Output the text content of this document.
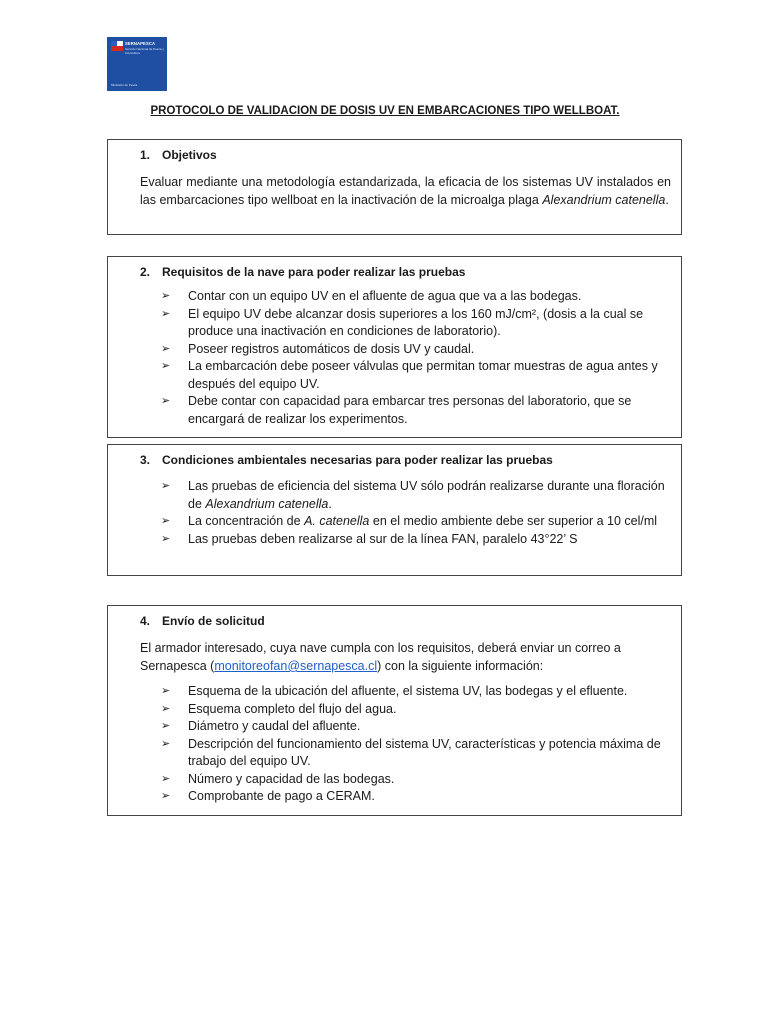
SERNAPESCA
Servicio Nacional de Pesca y Acuicultura
Ministerio de Pesca
PROTOCOLO DE VALIDACION DE DOSIS UV EN EMBARCACIONES TIPO WELLBOAT.
1. Objetivos
Evaluar mediante una metodología estandarizada, la eficacia de los sistemas UV instalados en las embarcaciones tipo wellboat en la inactivación de la microalga plaga Alexandrium catenella.
2. Requisitos de la nave para poder realizar las pruebas
➢ Contar con un equipo UV en el afluente de agua que va a las bodegas.
➢ El equipo UV debe alcanzar dosis superiores a los 160 mJ/cm², (dosis a la cual se produce una inactivación en condiciones de laboratorio).
➢ Poseer registros automáticos de dosis UV y caudal.
➢ La embarcación debe poseer válvulas que permitan tomar muestras de agua antes y después del equipo UV.
➢ Debe contar con capacidad para embarcar tres personas del laboratorio, que se encargará de realizar los experimentos.
3. Condiciones ambientales necesarias para poder realizar las pruebas
➢ Las pruebas de eficiencia del sistema UV sólo podrán realizarse durante una floración de Alexandrium catenella.
➢ La concentración de A. catenella en el medio ambiente debe ser superior a 10 cel/ml
➢ Las pruebas deben realizarse al sur de la línea FAN, paralelo 43°22’ S
4. Envío de solicitud
El armador interesado, cuya nave cumpla con los requisitos, deberá enviar un correo a Sernapesca (monitoreofan@sernapesca.cl) con la siguiente información:
➢ Esquema de la ubicación del afluente, el sistema UV, las bodegas y el efluente.
➢ Esquema completo del flujo del agua.
➢ Diámetro y caudal del afluente.
➢ Descripción del funcionamiento del sistema UV, características y potencia máxima de trabajo del equipo UV.
➢ Número y capacidad de las bodegas.
➢ Comprobante de pago a CERAM.
